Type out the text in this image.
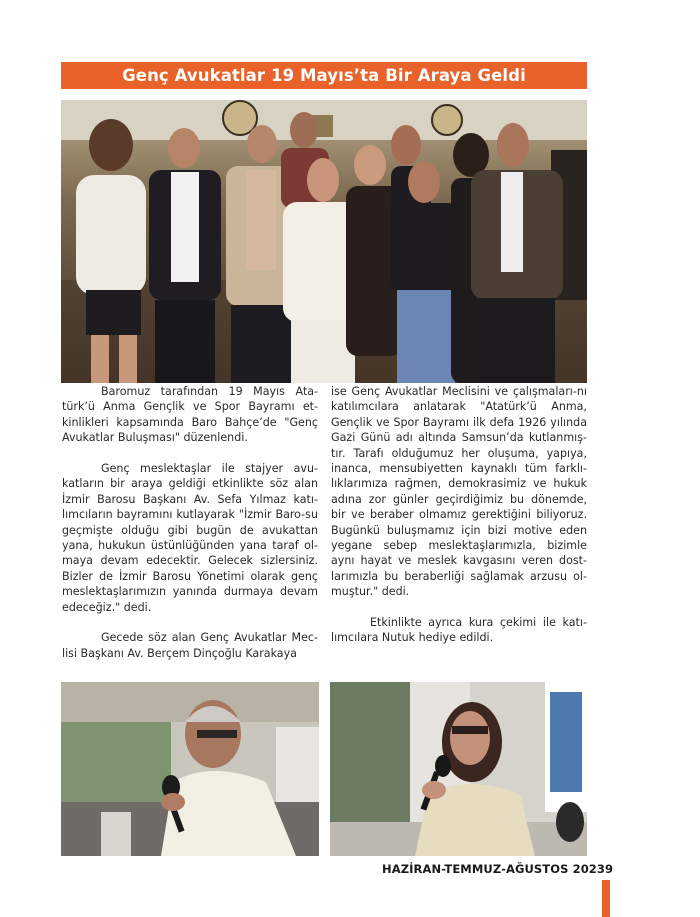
Genç Avukatlar 19 Mayıs’ta Bir Araya Geldi

Baromuz tarafından 19 Mayıs Ata-türk’ü Anma Gençlik ve Spor Bayramı et-kinlikleri kapsamında Baro Bahçe’de "Genç Avukatlar Buluşması" düzenlendi.

Genç meslektaşlar ile stajyer avu-katların bir araya geldiği etkinlikte söz alan İzmir Barosu Başkanı Av. Sefa Yılmaz katı-lımcıların bayramını kutlayarak "İzmir Baro-su geçmişte olduğu gibi bugün de avukattan yana, hukukun üstünlüğünden yana taraf ol-maya devam edecektir. Gelecek sizlersiniz. Bizler de İzmir Barosu Yönetimi olarak genç meslektaşlarımızın yanında durmaya devam edeceğiz." dedi.

Gecede söz alan Genç Avukatlar Mec-lisi Başkanı Av. Berçem Dinçoğlu Karakaya

ise Genç Avukatlar Meclisini ve çalışmaları-nı katılımcılara anlatarak "Atatürk’ü Anma, Gençlik ve Spor Bayramı ilk defa 1926 yılında Gazi Günü adı altında Samsun’da kutlanmış-tır. Tarafı olduğumuz her oluşuma, yapıya, inanca, mensubiyetten kaynaklı tüm farklı-lıklarımıza rağmen, demokrasimiz ve hukuk adına zor günler geçirdiğimiz bu dönemde, bir ve beraber olmamız gerektiğini biliyoruz. Bugünkü buluşmamız için bizi motive eden yegane sebep meslektaşlarımızla, bizimle aynı hayat ve meslek kavgasını veren dost-larımızla bu beraberliği sağlamak arzusu ol-muştur." dedi.

Etkinlikte ayrıca kura çekimi ile katı-lımcılara Nutuk hediye edildi.

HAZİRAN-TEMMUZ-AĞUSTOS 2023 9
